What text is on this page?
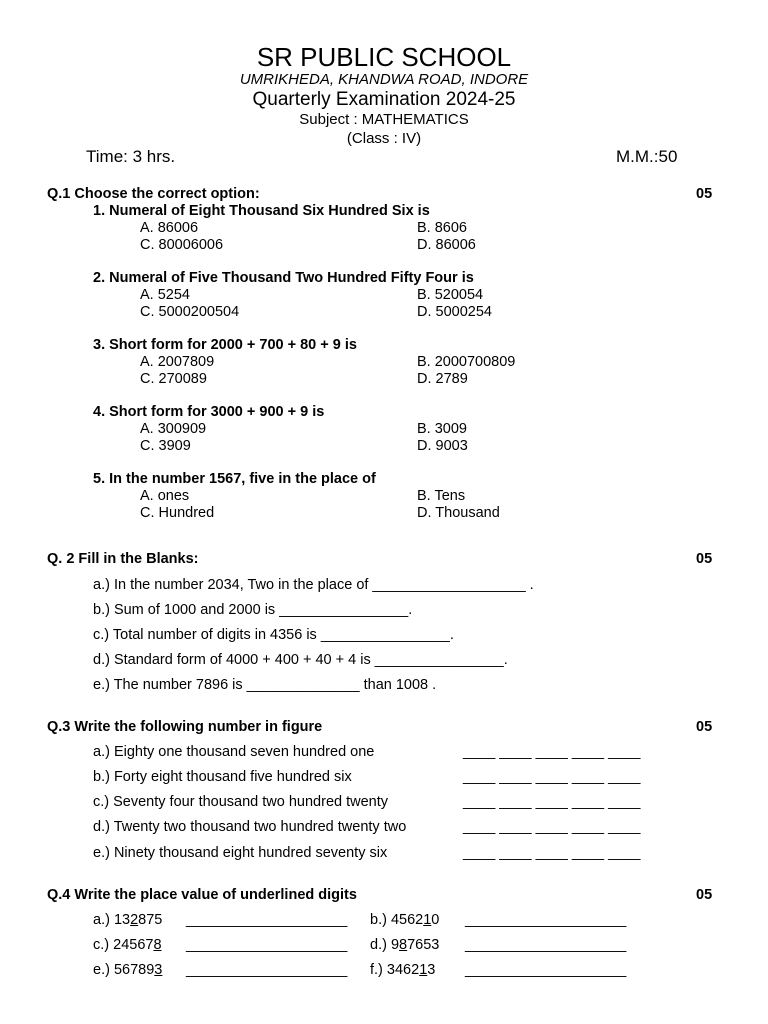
SR PUBLIC SCHOOL
UMRIKHEDA, KHANDWA ROAD, INDORE
Quarterly Examination 2024-25
Subject : MATHEMATICS
(Class : IV)
Time: 3 hrs.	M.M.:50
Q.1 Choose the correct option:	05
1. Numeral of Eight Thousand Six Hundred Six is
A. 86006	B. 8606
C. 80006006	D. 86006
2. Numeral of Five Thousand Two Hundred Fifty Four is
A. 5254	B. 520054
C. 5000200504	D. 5000254
3. Short form for 2000 + 700 + 80 + 9 is
A. 2007809	B. 2000700809
C. 270089	D. 2789
4. Short form for 3000 + 900 + 9 is
A. 300909	B. 3009
C. 3909	D. 9003
5. In the number 1567, five in the place of
A. ones	B. Tens
C. Hundred	D. Thousand
Q. 2 Fill in the Blanks:	05
a.) In the number 2034, Two in the place of ___________________ .
b.) Sum of 1000 and 2000 is ________________.
c.) Total number of digits in 4356 is ________________.
d.) Standard form of 4000 + 400 + 40 + 4 is ________________.
e.) The number 7896 is ______________ than 1008 .
Q.3 Write the following number in figure	05
a.) Eighty one thousand seven hundred one	____ ____ ____ ____ ____
b.) Forty eight thousand five hundred six	____ ____ ____ ____ ____
c.) Seventy four thousand two hundred twenty	____ ____ ____ ____ ____
d.) Twenty two thousand two hundred twenty two	____ ____ ____ ____ ____
e.) Ninety thousand eight hundred seventy six	____ ____ ____ ____ ____
Q.4 Write the place value of underlined digits	05
a.) 132875 ____________________ b.) 456210 ____________________
c.) 245678 ____________________ d.) 987653 ____________________
e.) 567893 ____________________ f.) 346213 ____________________
